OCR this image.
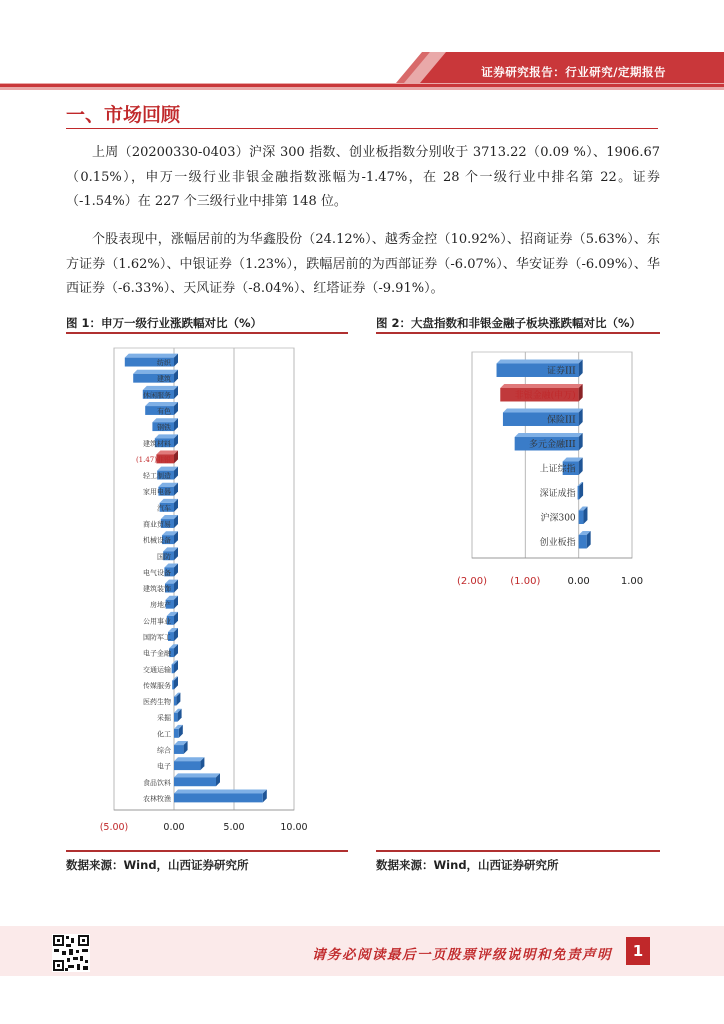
证券研究报告：行业研究/定期报告
一、市场回顾

上周（20200330-0403）沪深 300 指数、创业板指数分别收于 3713.22（0.09 %）、1906.67（0.15%），申万一级行业非银金融指数涨幅为-1.47%，在 28 个一级行业中排名第 22。证券（-1.54%）在 227 个三级行业中排第 148 位。

个股表现中，涨幅居前的为华鑫股份（24.12%）、越秀金控（10.92%）、招商证券（5.63%）、东方证券（1.62%）、中银证券（1.23%），跌幅居前的为西部证券（-6.07%）、华安证券（-6.09%）、华西证券（-6.33%）、天风证券（-8.04%）、红塔证券（-9.91%）。

图 1：申万一级行业涨跌幅对比（%）	图 2：大盘指数和非银金融子板块涨跌幅对比（%）
(5.00)	0.00	5.00	10.00
纺织
建筑
休闲服务
有色
钢铁
建筑材料
(1.47)非银
轻工制造
家用电器
汽车
商业贸易
机械设备
国防
电气设备
建筑装饰
房地产
公用事业
国防军工
电子金融
交通运输
传媒服务
医药生物
采掘
化工
综合
电子
食品饮料
农林牧渔
(2.00) (1.00)	0.00	1.00
证券III
非银金融(申万)
保险III
多元金融III
上证综指
深证成指
沪深300
创业板指
数据来源：Wind，山西证券研究所	数据来源：Wind，山西证券研究所
请务必阅读最后一页股票评级说明和免责声明	1
